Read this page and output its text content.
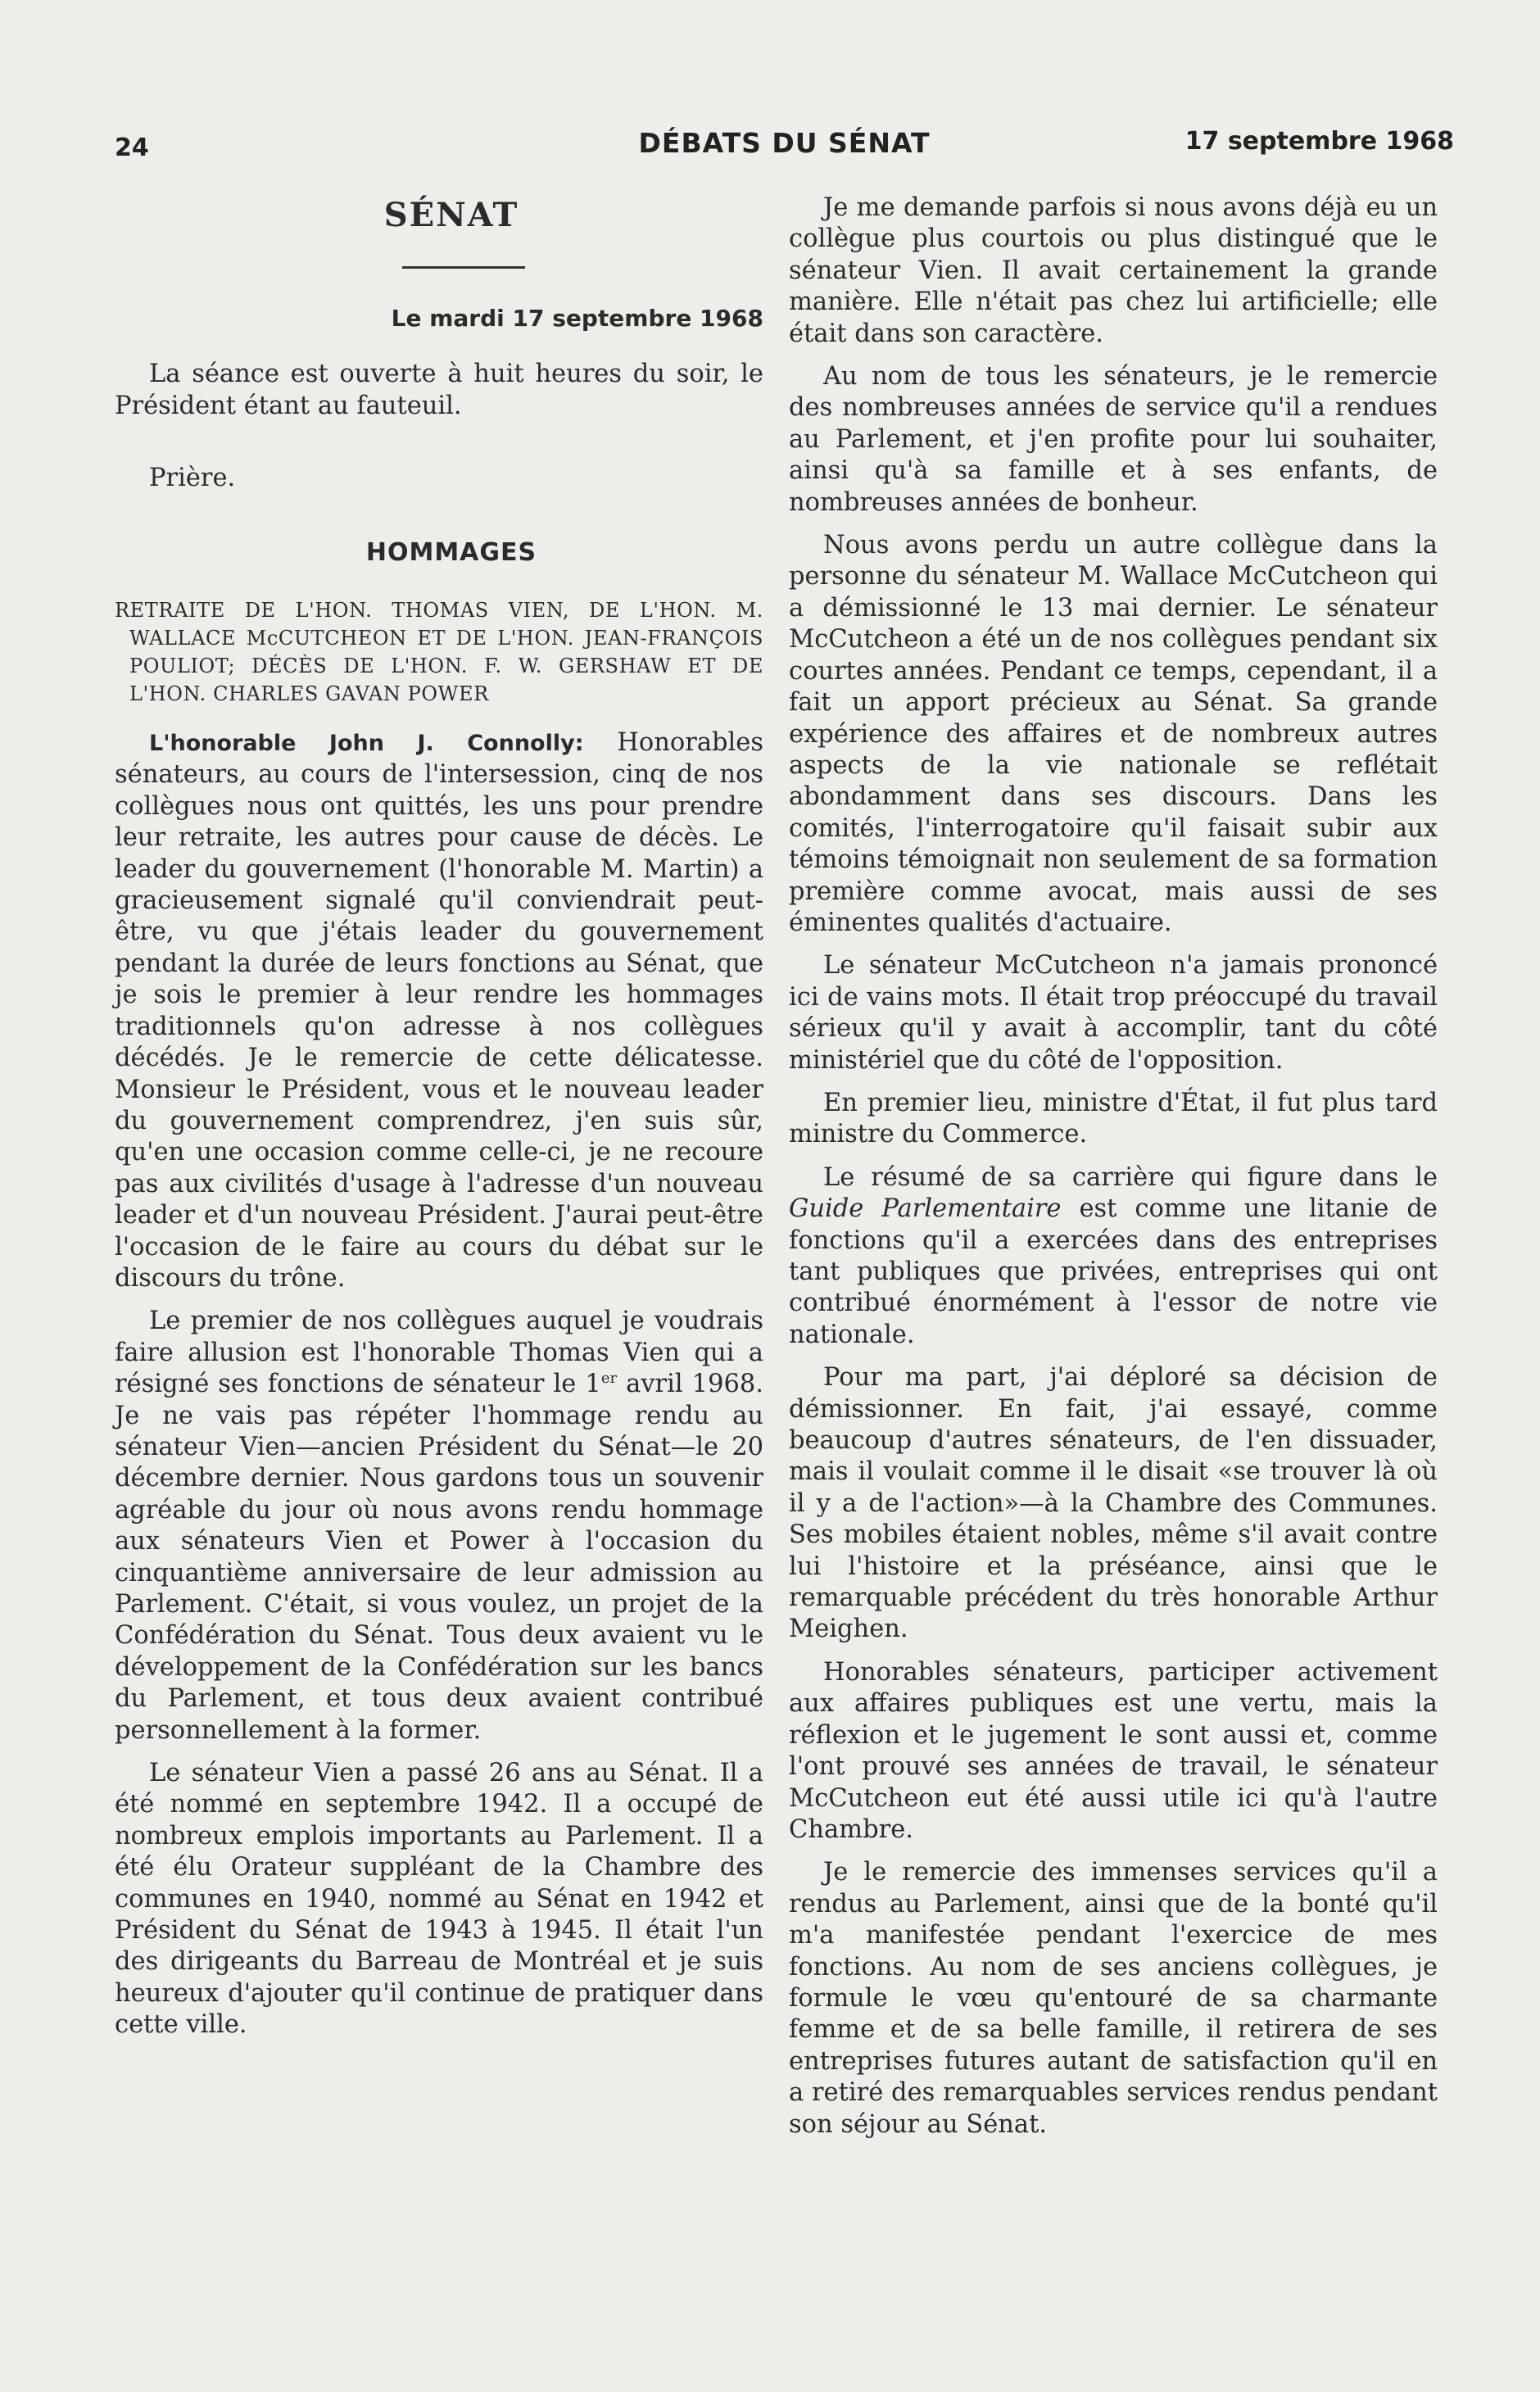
24	DÉBATS DU SÉNAT	17 septembre 1968
SÉNAT
Le mardi 17 septembre 1968

La séance est ouverte à huit heures du soir, le Président étant au fauteuil.

Prière.

HOMMAGES
RETRAITE DE L'HON. THOMAS VIEN, DE L'HON. M. WALLACE McCUTCHEON ET DE L'HON. JEAN-FRANÇOIS POULIOT; DÉCÈS DE L'HON. F. W. GERSHAW ET DE L'HON. CHARLES GAVAN POWER

L'honorable John J. Connolly: Honorables sénateurs, au cours de l'intersession, cinq de nos collègues nous ont quittés, les uns pour prendre leur retraite, les autres pour cause de décès. Le leader du gouvernement (l'honorable M. Martin) a gracieusement signalé qu'il conviendrait peut-être, vu que j'étais leader du gouvernement pendant la durée de leurs fonctions au Sénat, que je sois le premier à leur rendre les hommages traditionnels qu'on adresse à nos collègues décédés. Je le remercie de cette délicatesse. Monsieur le Président, vous et le nouveau leader du gouvernement comprendrez, j'en suis sûr, qu'en une occasion comme celle-ci, je ne recoure pas aux civilités d'usage à l'adresse d'un nouveau leader et d'un nouveau Président. J'aurai peut-être l'occasion de le faire au cours du débat sur le discours du trône.

Le premier de nos collègues auquel je voudrais faire allusion est l'honorable Thomas Vien qui a résigné ses fonctions de sénateur le 1er avril 1968. Je ne vais pas répéter l'hommage rendu au sénateur Vien—ancien Président du Sénat—le 20 décembre dernier. Nous gardons tous un souvenir agréable du jour où nous avons rendu hommage aux sénateurs Vien et Power à l'occasion du cinquantième anniversaire de leur admission au Parlement. C'était, si vous voulez, un projet de la Confédération du Sénat. Tous deux avaient vu le développement de la Confédération sur les bancs du Parlement, et tous deux avaient contribué personnellement à la former.

Le sénateur Vien a passé 26 ans au Sénat. Il a été nommé en septembre 1942. Il a occupé de nombreux emplois importants au Parlement. Il a été élu Orateur suppléant de la Chambre des communes en 1940, nommé au Sénat en 1942 et Président du Sénat de 1943 à 1945. Il était l'un des dirigeants du Barreau de Montréal et je suis heureux d'ajouter qu'il continue de pratiquer dans cette ville.

Je me demande parfois si nous avons déjà eu un collègue plus courtois ou plus distingué que le sénateur Vien. Il avait certainement la grande manière. Elle n'était pas chez lui artificielle; elle était dans son caractère.

Au nom de tous les sénateurs, je le remercie des nombreuses années de service qu'il a rendues au Parlement, et j'en profite pour lui souhaiter, ainsi qu'à sa famille et à ses enfants, de nombreuses années de bonheur.

Nous avons perdu un autre collègue dans la personne du sénateur M. Wallace McCutcheon qui a démissionné le 13 mai dernier. Le sénateur McCutcheon a été un de nos collègues pendant six courtes années. Pendant ce temps, cependant, il a fait un apport précieux au Sénat. Sa grande expérience des affaires et de nombreux autres aspects de la vie nationale se reflétait abondamment dans ses discours. Dans les comités, l'interrogatoire qu'il faisait subir aux témoins témoignait non seulement de sa formation première comme avocat, mais aussi de ses éminentes qualités d'actuaire.

Le sénateur McCutcheon n'a jamais prononcé ici de vains mots. Il était trop préoccupé du travail sérieux qu'il y avait à accomplir, tant du côté ministériel que du côté de l'opposition.

En premier lieu, ministre d'État, il fut plus tard ministre du Commerce.

Le résumé de sa carrière qui figure dans le Guide Parlementaire est comme une litanie de fonctions qu'il a exercées dans des entreprises tant publiques que privées, entreprises qui ont contribué énormément à l'essor de notre vie nationale.

Pour ma part, j'ai déploré sa décision de démissionner. En fait, j'ai essayé, comme beaucoup d'autres sénateurs, de l'en dissuader, mais il voulait comme il le disait «se trouver là où il y a de l'action»—à la Chambre des Communes. Ses mobiles étaient nobles, même s'il avait contre lui l'histoire et la préséance, ainsi que le remarquable précédent du très honorable Arthur Meighen.

Honorables sénateurs, participer activement aux affaires publiques est une vertu, mais la réflexion et le jugement le sont aussi et, comme l'ont prouvé ses années de travail, le sénateur McCutcheon eut été aussi utile ici qu'à l'autre Chambre.

Je le remercie des immenses services qu'il a rendus au Parlement, ainsi que de la bonté qu'il m'a manifestée pendant l'exercice de mes fonctions. Au nom de ses anciens collègues, je formule le vœu qu'entouré de sa charmante femme et de sa belle famille, il retirera de ses entreprises futures autant de satisfaction qu'il en a retiré des remarquables services rendus pendant son séjour au Sénat.
